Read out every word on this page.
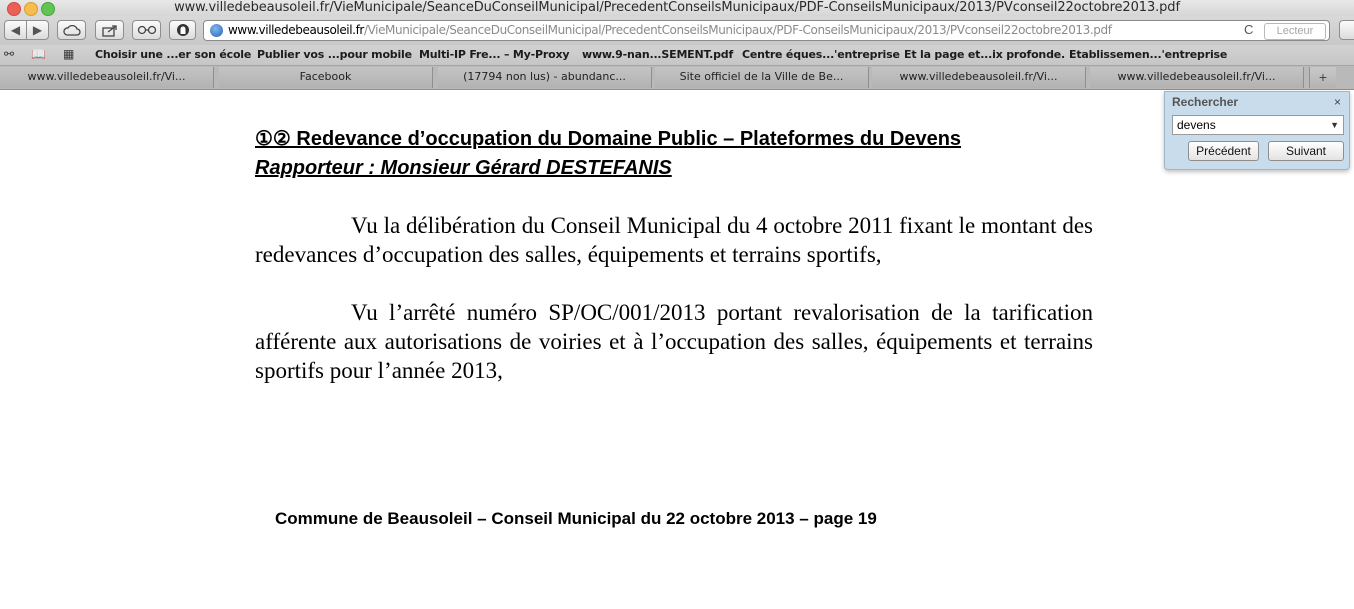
www.villedebeausoleil.fr/VieMunicipale/SeanceDuConseilMunicipal/PrecedentConseilsMunicipaux/PDF-ConseilsMunicipaux/2013/PVconseil22octobre2013.pdf
◀	▶	www.villedebeausoleil.fr/VieMunicipale/SeanceDuConseilMunicipal/PrecedentConseilsMunicipaux/PDF-ConseilsMunicipaux/2013/PVconseil22octobre2013.pdf	C	Lecteur
⚯ 📖 ▦ Choisir une ...er son école Publier vos ...pour mobile Multi-IP Fre... – My-Proxy www.9-nan...SEMENT.pdf Centre éques...'entreprise Et la page et...ix profonde. Etablissemen...'entreprise
www.villedebeausoleil.fr/Vi...	Facebook	(17794 non lus) - abundanc...	Site officiel de la Ville de Be...	www.villedebeausoleil.fr/Vi...	www.villedebeausoleil.fr/Vi...	+
Rechercher	×
devens	▼
Précédent	Suivant
①② Redevance d’occupation du Domaine Public – Plateformes du Devens
Rapporteur : Monsieur Gérard DESTEFANIS
Vu la délibération du Conseil Municipal du 4 octobre 2011 fixant le montant des redevances d’occupation des salles, équipements et terrains sportifs,
Vu l’arrêté numéro SP/OC/001/2013 portant revalorisation de la tarification afférente aux autorisations de voiries et à l’occupation des salles, équipements et terrains sportifs pour l’année 2013,
Commune de Beausoleil – Conseil Municipal du 22 octobre 2013 – page 19
